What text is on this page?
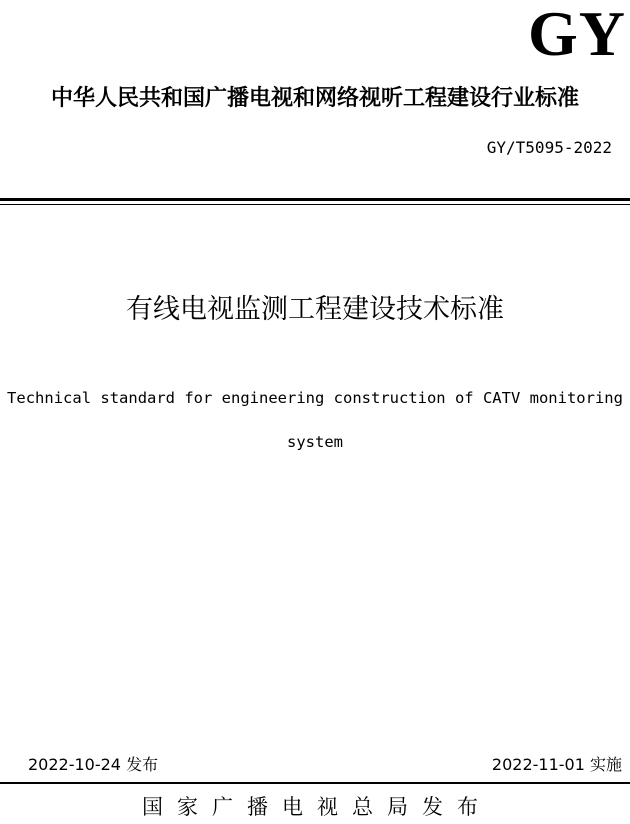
GY
中华人民共和国广播电视和网络视听工程建设行业标准
GY/T5095-2022
有线电视监测工程建设技术标准
Technical standard for engineering construction of CATV monitoring
system
2022-10-24 发布	2022-11-01 实施
国家广播电视总局发布
